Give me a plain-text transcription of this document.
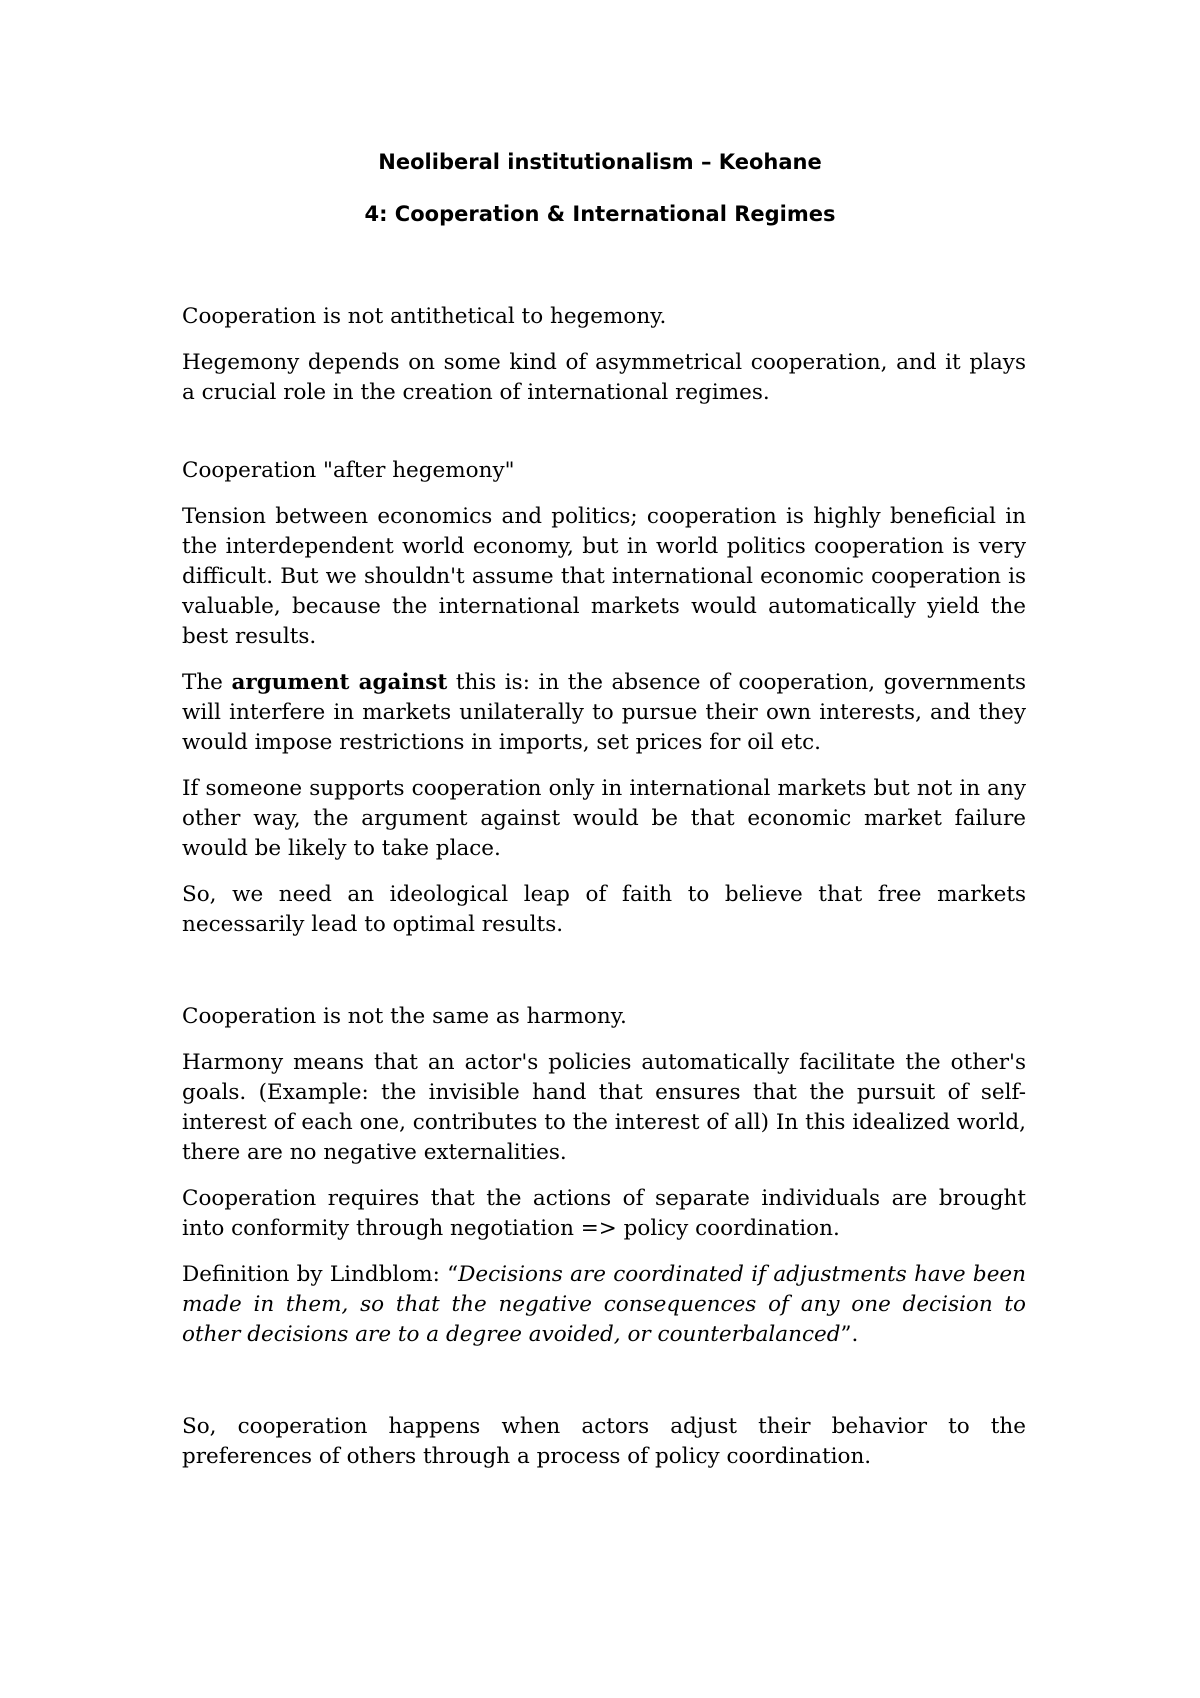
Neoliberal institutionalism – Keohane

4: Cooperation & International Regimes

Cooperation is not antithetical to hegemony.

Hegemony depends on some kind of asymmetrical cooperation, and it plays a crucial role in the creation of international regimes.

Cooperation "after hegemony"

Tension between economics and politics; cooperation is highly beneficial in the interdependent world economy, but in world politics cooperation is very difficult. But we shouldn't assume that international economic cooperation is valuable, because the international markets would automatically yield the best results.

The argument against this is: in the absence of cooperation, governments will interfere in markets unilaterally to pursue their own interests, and they would impose restrictions in imports, set prices for oil etc.

If someone supports cooperation only in international markets but not in any other way, the argument against would be that economic market failure would be likely to take place.

So, we need an ideological leap of faith to believe that free markets necessarily lead to optimal results.

Cooperation is not the same as harmony.

Harmony means that an actor's policies automatically facilitate the other's goals. (Example: the invisible hand that ensures that the pursuit of self-interest of each one, contributes to the interest of all) In this idealized world, there are no negative externalities.

Cooperation requires that the actions of separate individuals are brought into conformity through negotiation => policy coordination.

Definition by Lindblom: “Decisions are coordinated if adjustments have been made in them, so that the negative consequences of any one decision to other decisions are to a degree avoided, or counterbalanced”.

So, cooperation happens when actors adjust their behavior to the preferences of others through a process of policy coordination.
